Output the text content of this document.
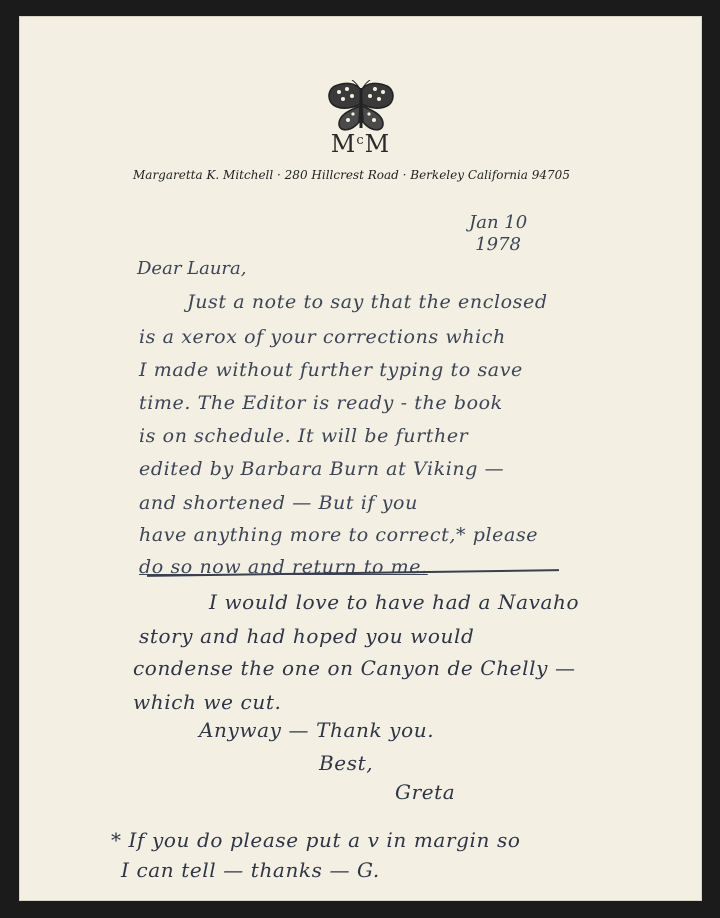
$M^cM$
Margaretta K. Mitchell · 280 Hillcrest Road · Berkeley California 94705
Jan 10
1978
Dear Laura,
Just a note to say that the enclosed
is a xerox of your corrections which
I made without further typing to save
time. The Editor is ready - the book
is on schedule. It will be further
edited by Barbara Burn at Viking —
and shortened — But if you
have anything more to correct,* please
do so now and return to me.
I would love to have had a Navaho
story and had hoped you would
condense the one on Canyon de Chelly —
which we cut.
Anyway — Thank you.
Best,
Greta
* If you do please put a v in margin so
I can tell — thanks — G.
